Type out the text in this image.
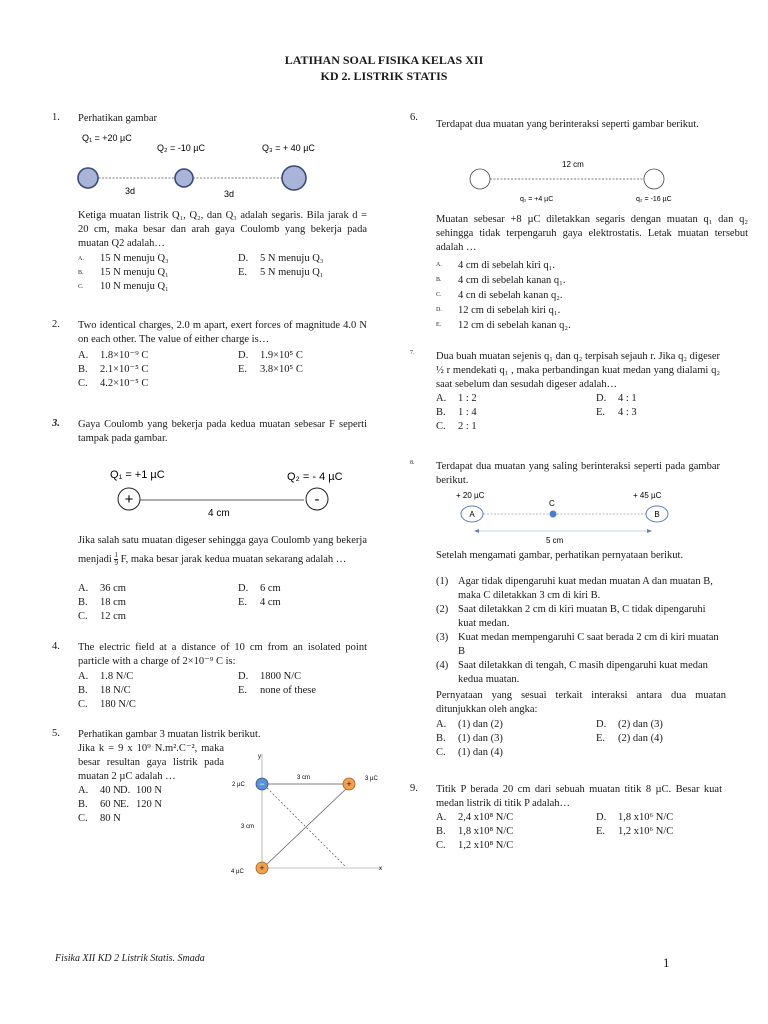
LATIHAN SOAL FISIKA KELAS XII
KD 2. LISTRIK STATIS
1.	Perhatikan gambar
Q₁ = +20 µC
Q₂ = -10 µC	Q₃ = + 40 µC
3d	3d
Ketiga muatan listrik Q₁, Q₂, dan Q₃ adalah segaris. Bila jarak d = 20 cm, maka besar dan arah gaya Coulomb yang bekerja pada muatan Q2 adalah…
A. 15 N menuju Q₃	D. 5 N menuju Q₃
B. 15 N menuju Q₁	E. 5 N menuju Q₁
C. 10 N menuju Q₁
2.	Two identical charges, 2.0 m apart, exert forces of magnitude 4.0 N on each other. The value of either charge is…
A. 1.8×10⁻⁹ C	D. 1.9×10⁵ C
B. 2.1×10⁻⁵ C	E. 3.8×10⁵ C
C. 4.2×10⁻⁵ C
3.	Gaya Coulomb yang bekerja pada kedua muatan sebesar F seperti tampak pada gambar.
Q₁ = +1 µC	Q₂ = - 4 µC
+	-
4 cm
Jika salah satu muatan digeser sehingga gaya Coulomb yang bekerja menjadi $\frac{1}{9} F$, maka besar jarak kedua muatan sekarang adalah …
A. 36 cm	D. 6 cm
B. 18 cm	E. 4 cm
C. 12 cm
4.	The electric field at a distance of 10 cm from an isolated point particle with a charge of 2×10⁻⁹ C is:
A. 1.8 N/C	D. 1800 N/C
B. 18 N/C	E. none of these
C. 180 N/C
5.	Perhatikan gambar 3 muatan listrik berikut.
Jika k = 9 x 10⁹ N.m².C⁻², maka besar resultan gaya listrik pada muatan 2 µC adalah …
A. 40 N D. 100 N
B. 60 N E. 120 N
C. 80 N
y
x
−	+
+
2 µC
3 µC
4 µC
3 cm
3 cm
6.
Terdapat dua muatan yang berinteraksi seperti gambar berikut.
12 cm
q₁ = +4 µC	q₂ = -16 µC
Muatan sebesar +8 µC diletakkan segaris dengan muatan q₁ dan q₂ sehingga tidak terpengaruh gaya elektrostatis. Letak muatan tersebut adalah …
A. 4 cm di sebelah kiri q₁.
B. 4 cm di sebelah kanan q₁.
C. 4 cn di sebelah kanan q₂.
D. 12 cm di sebelah kiri q₁.
E. 12 cm di sebelah kanan q₂.
7.	Dua buah muatan sejenis q₁ dan q₂ terpisah sejauh r. Jika q₂ digeser ½ r mendekati q₁ , maka perbandingan kuat medan yang dialami q₂ saat sebelum dan sesudah digeser adalah…
A. 1 : 2	D. 4 : 1
B. 1 : 4	E. 4 : 3
C. 2 : 1
8.	Terdapat dua muatan yang saling berinteraksi seperti pada gambar berikut.
+ 20 µC
C
+ 45 µC
A	B
5 cm
Setelah mengamati gambar, perhatikan pernyataan berikut.
(1) Agar tidak dipengaruhi kuat medan muatan A dan muatan B, maka C diletakkan 3 cm di kiri B.
(2) Saat diletakkan 2 cm di kiri muatan B, C tidak dipengaruhi kuat medan.
(3) Kuat medan mempengaruhi C saat berada 2 cm di kiri muatan B
(4) Saat diletakkan di tengah, C masih dipengaruhi kuat medan kedua muatan.
Pernyataan yang sesuai terkait interaksi antara dua muatan ditunjukkan oleh angka:
A. (1) dan (2)	D. (2) dan (3)
B. (1) dan (3)	E. (2) dan (4)
C. (1) dan (4)
9.	Titik P berada 20 cm dari sebuah muatan titik 8 µC. Besar kuat medan listrik di titik P adalah…
A. 2,4 x10⁸ N/C	D. 1,8 x10⁶ N/C
B. 1,8 x10⁸ N/C	E. 1,2 x10⁶ N/C
C. 1,2 x10⁸ N/C
Fisika XII KD 2 Listrik Statis. Smada	1
